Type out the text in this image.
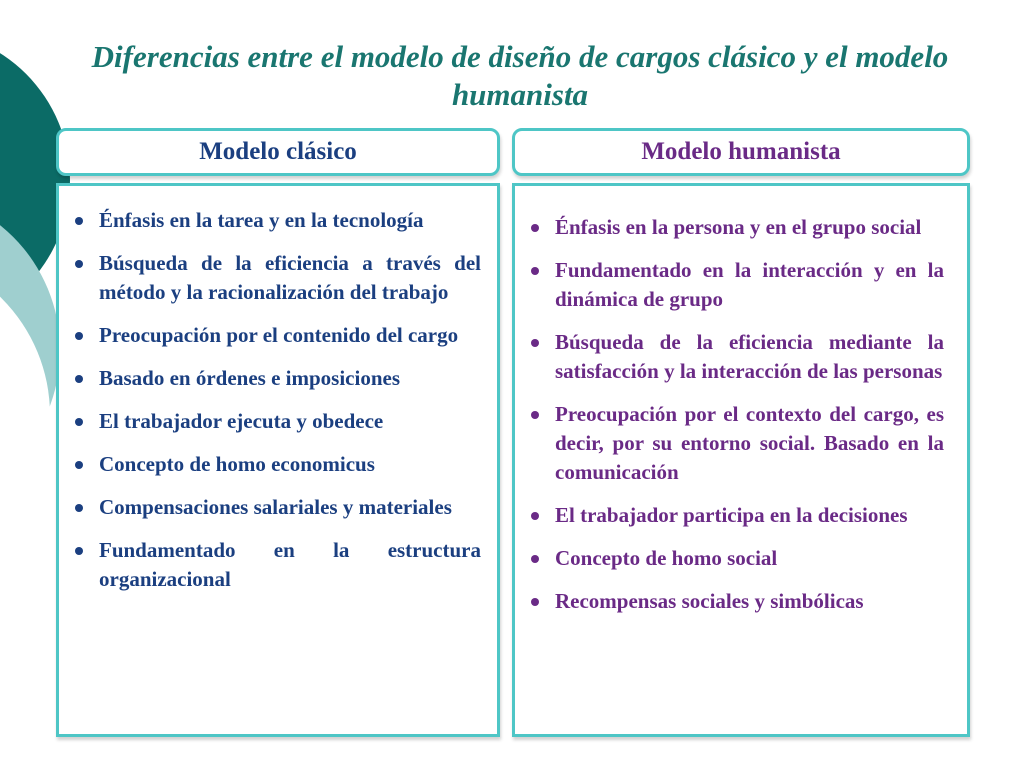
Diferencias entre el modelo de diseño de cargos clásico y el modelo humanista
Modelo clásico	Modelo humanista
Énfasis en la tarea y en la tecnología
Búsqueda de la eficiencia a través del método y la racionalización del trabajo
Preocupación por el contenido del cargo
Basado en órdenes e imposiciones
El trabajador ejecuta y obedece
Concepto de homo economicus
Compensaciones salariales y materiales
Fundamentado en la estructura organizacional
Énfasis en la persona y en el grupo social
Fundamentado en la interacción y en la dinámica de grupo
Búsqueda de la eficiencia mediante la satisfacción y la interacción de las personas
Preocupación por el contexto del cargo, es decir, por su entorno social. Basado en la comunicación
El trabajador participa en la decisiones
Concepto de homo social
Recompensas sociales y simbólicas
